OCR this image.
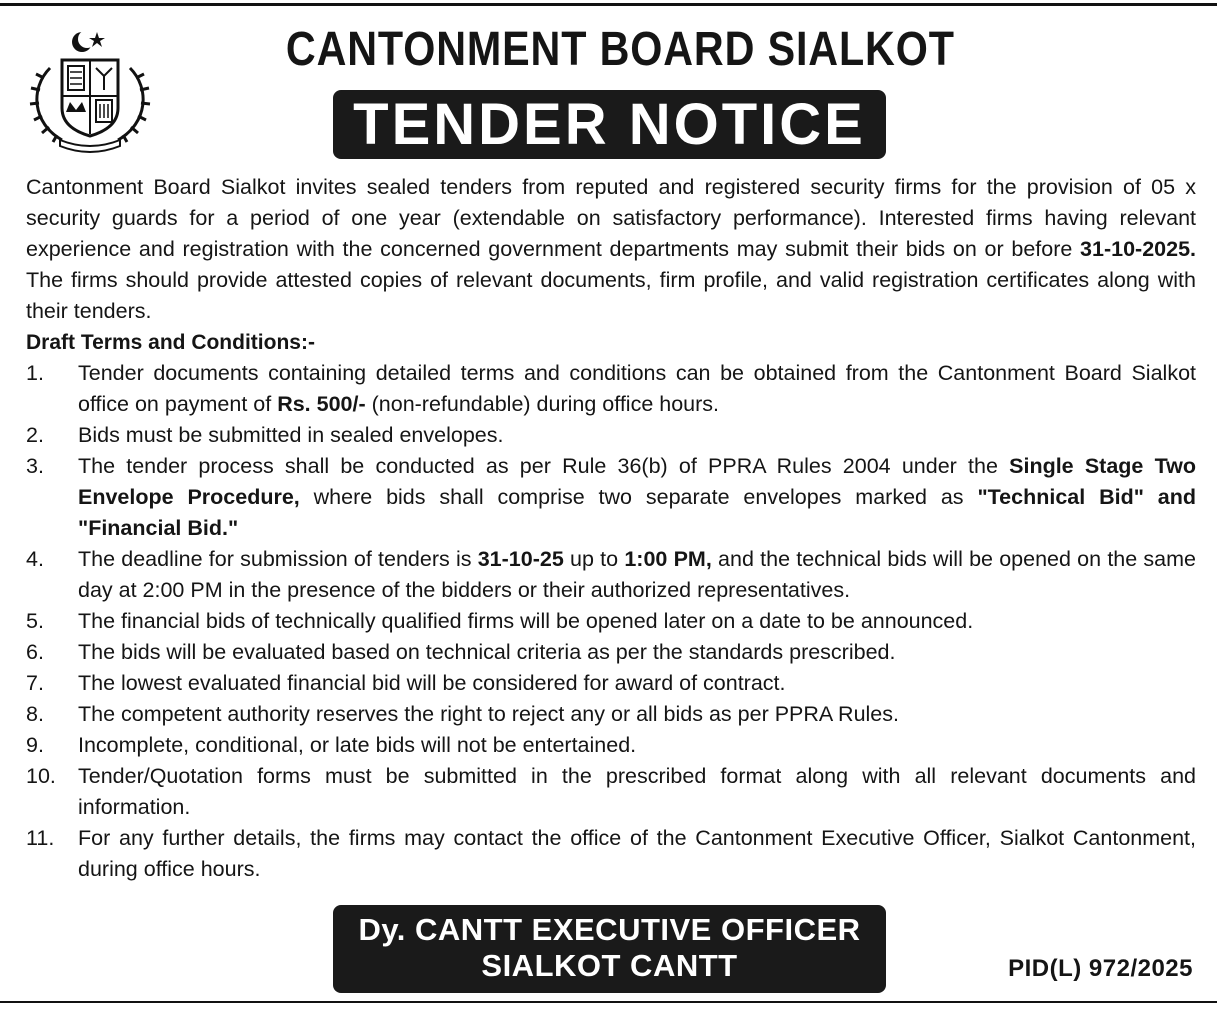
CANTONMENT BOARD SIALKOT
TENDER NOTICE

Cantonment Board Sialkot invites sealed tenders from reputed and registered security firms for the provision of 05 x security guards for a period of one year (extendable on satisfactory performance). Interested firms having relevant experience and registration with the concerned government departments may submit their bids on or before 31-10-2025. The firms should provide attested copies of relevant documents, firm profile, and valid registration certificates along with their tenders.

Draft Terms and Conditions:-

1. Tender documents containing detailed terms and conditions can be obtained from the Cantonment Board Sialkot office on payment of Rs. 500/- (non-refundable) during office hours.
2. Bids must be submitted in sealed envelopes.
3. The tender process shall be conducted as per Rule 36(b) of PPRA Rules 2004 under the Single Stage Two Envelope Procedure, where bids shall comprise two separate envelopes marked as "Technical Bid" and "Financial Bid."
4. The deadline for submission of tenders is 31-10-25 up to 1:00 PM, and the technical bids will be opened on the same day at 2:00 PM in the presence of the bidders or their authorized representatives.
5. The financial bids of technically qualified firms will be opened later on a date to be announced.
6. The bids will be evaluated based on technical criteria as per the standards prescribed.
7. The lowest evaluated financial bid will be considered for award of contract.
8. The competent authority reserves the right to reject any or all bids as per PPRA Rules.
9. Incomplete, conditional, or late bids will not be entertained.
10. Tender/Quotation forms must be submitted in the prescribed format along with all relevant documents and information.
11. For any further details, the firms may contact the office of the Cantonment Executive Officer, Sialkot Cantonment, during office hours.
Dy. CANTT EXECUTIVE OFFICER
SIALKOT CANTT	PID(L) 972/2025
